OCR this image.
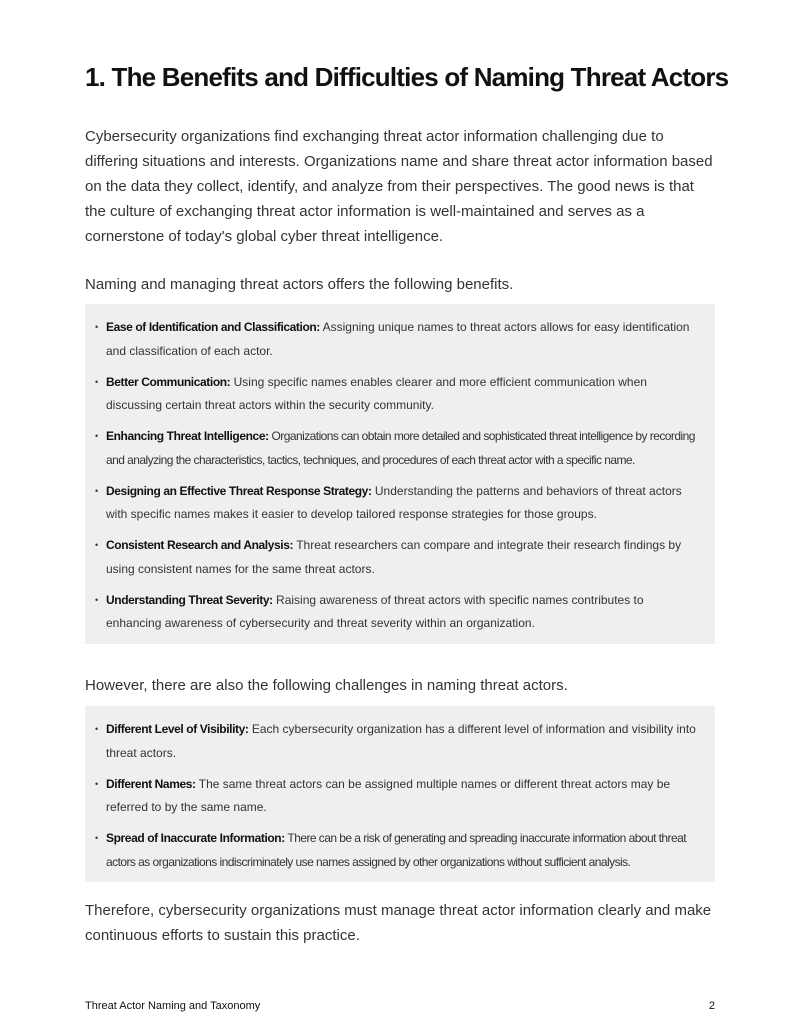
1. The Benefits and Difficulties of Naming Threat Actors

Cybersecurity organizations find exchanging threat actor information challenging due to differing situations and interests. Organizations name and share threat actor information based on the data they collect, identify, and analyze from their perspectives. The good news is that the culture of exchanging threat actor information is well-maintained and serves as a cornerstone of today's global cyber threat intelligence.

Naming and managing threat actors offers the following benefits.

• Ease of Identification and Classification: Assigning unique names to threat actors allows for easy identification and classification of each actor.
• Better Communication: Using specific names enables clearer and more efficient communication when discussing certain threat actors within the security community.
• Enhancing Threat Intelligence: Organizations can obtain more detailed and sophisticated threat intelligence by recording and analyzing the characteristics, tactics, techniques, and procedures of each threat actor with a specific name.
• Designing an Effective Threat Response Strategy: Understanding the patterns and behaviors of threat actors with specific names makes it easier to develop tailored response strategies for those groups.
• Consistent Research and Analysis: Threat researchers can compare and integrate their research findings by using consistent names for the same threat actors.
• Understanding Threat Severity: Raising awareness of threat actors with specific names contributes to enhancing awareness of cybersecurity and threat severity within an organization.

However, there are also the following challenges in naming threat actors.

• Different Level of Visibility: Each cybersecurity organization has a different level of information and visibility into threat actors.
• Different Names: The same threat actors can be assigned multiple names or different threat actors may be referred to by the same name.
• Spread of Inaccurate Information: There can be a risk of generating and spreading inaccurate information about threat actors as organizations indiscriminately use names assigned by other organizations without sufficient analysis.

Therefore, cybersecurity organizations must manage threat actor information clearly and make continuous efforts to sustain this practice.

Threat Actor Naming and Taxonomy	2
